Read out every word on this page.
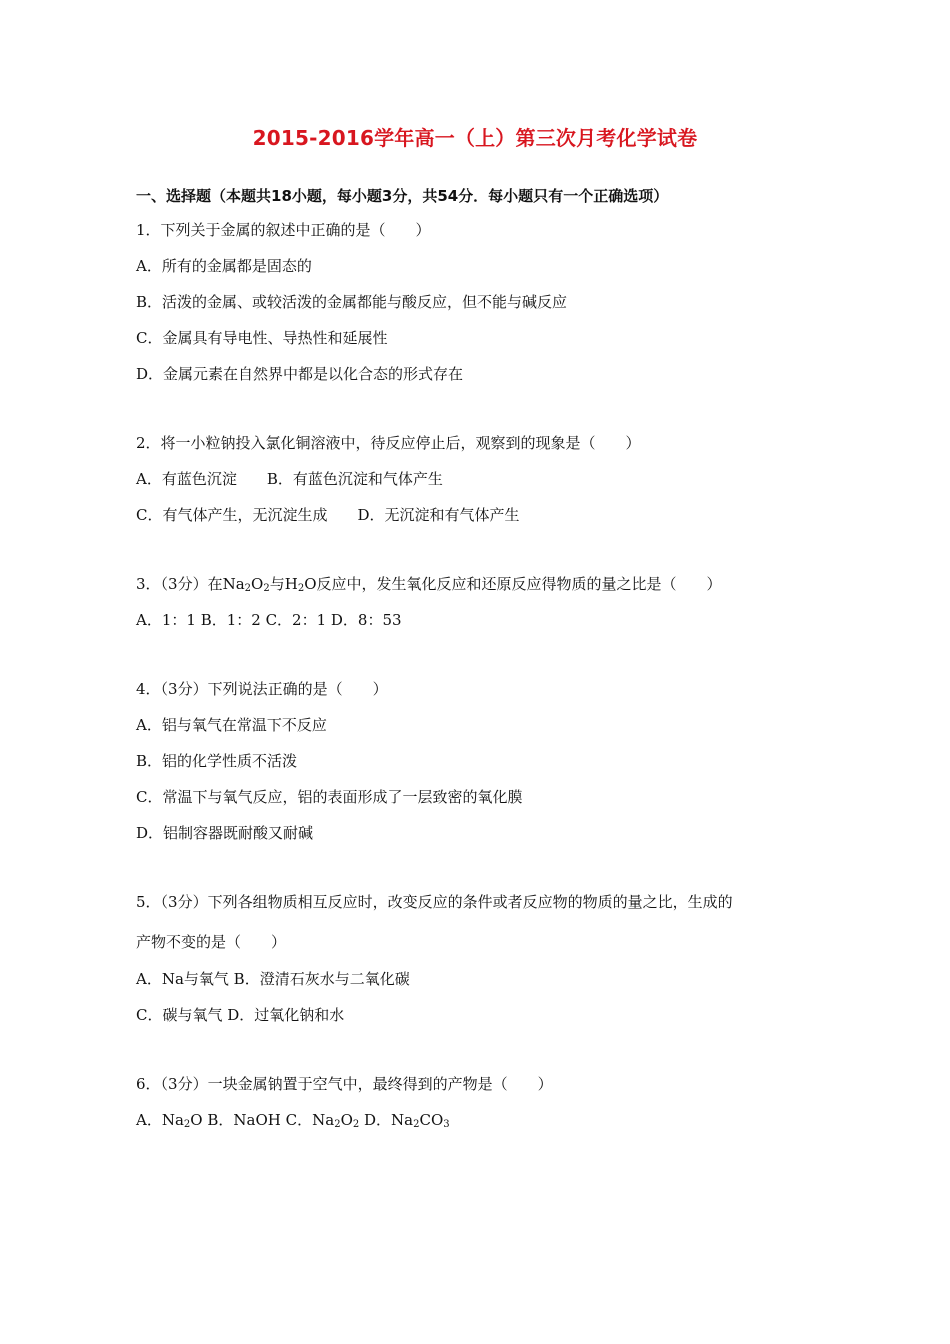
2015-2016学年高一（上）第三次月考化学试卷
一、选择题（本题共18小题，每小题3分，共54分．每小题只有一个正确选项）
1．下列关于金属的叙述中正确的是（　　）
A．所有的金属都是固态的
B．活泼的金属、或较活泼的金属都能与酸反应，但不能与碱反应
C．金属具有导电性、导热性和延展性
D．金属元素在自然界中都是以化合态的形式存在
2．将一小粒钠投入氯化铜溶液中，待反应停止后，观察到的现象是（　　）
A．有蓝色沉淀　　B．有蓝色沉淀和气体产生
C．有气体产生，无沉淀生成　　D．无沉淀和有气体产生
3．（3分）在$Na_2O_2$与$H_2O$反应中，发生氧化反应和还原反应得物质的量之比是（　　）
A．1：1 B．1：2 C．2：1 D．8：53
4．（3分）下列说法正确的是（　　）
A．铝与氧气在常温下不反应
B．铝的化学性质不活泼
C．常温下与氧气反应，铝的表面形成了一层致密的氧化膜
D．铝制容器既耐酸又耐碱
5．（3分）下列各组物质相互反应时，改变反应的条件或者反应物的物质的量之比，生成的
产物不变的是（　　）
A．Na与氧气 B．澄清石灰水与二氧化碳
C．碳与氧气 D．过氧化钠和水
6．（3分）一块金属钠置于空气中，最终得到的产物是（　　）
A．$Na_2O$ B．NaOH C．$Na_2O_2$ D．$Na_2CO_3$
